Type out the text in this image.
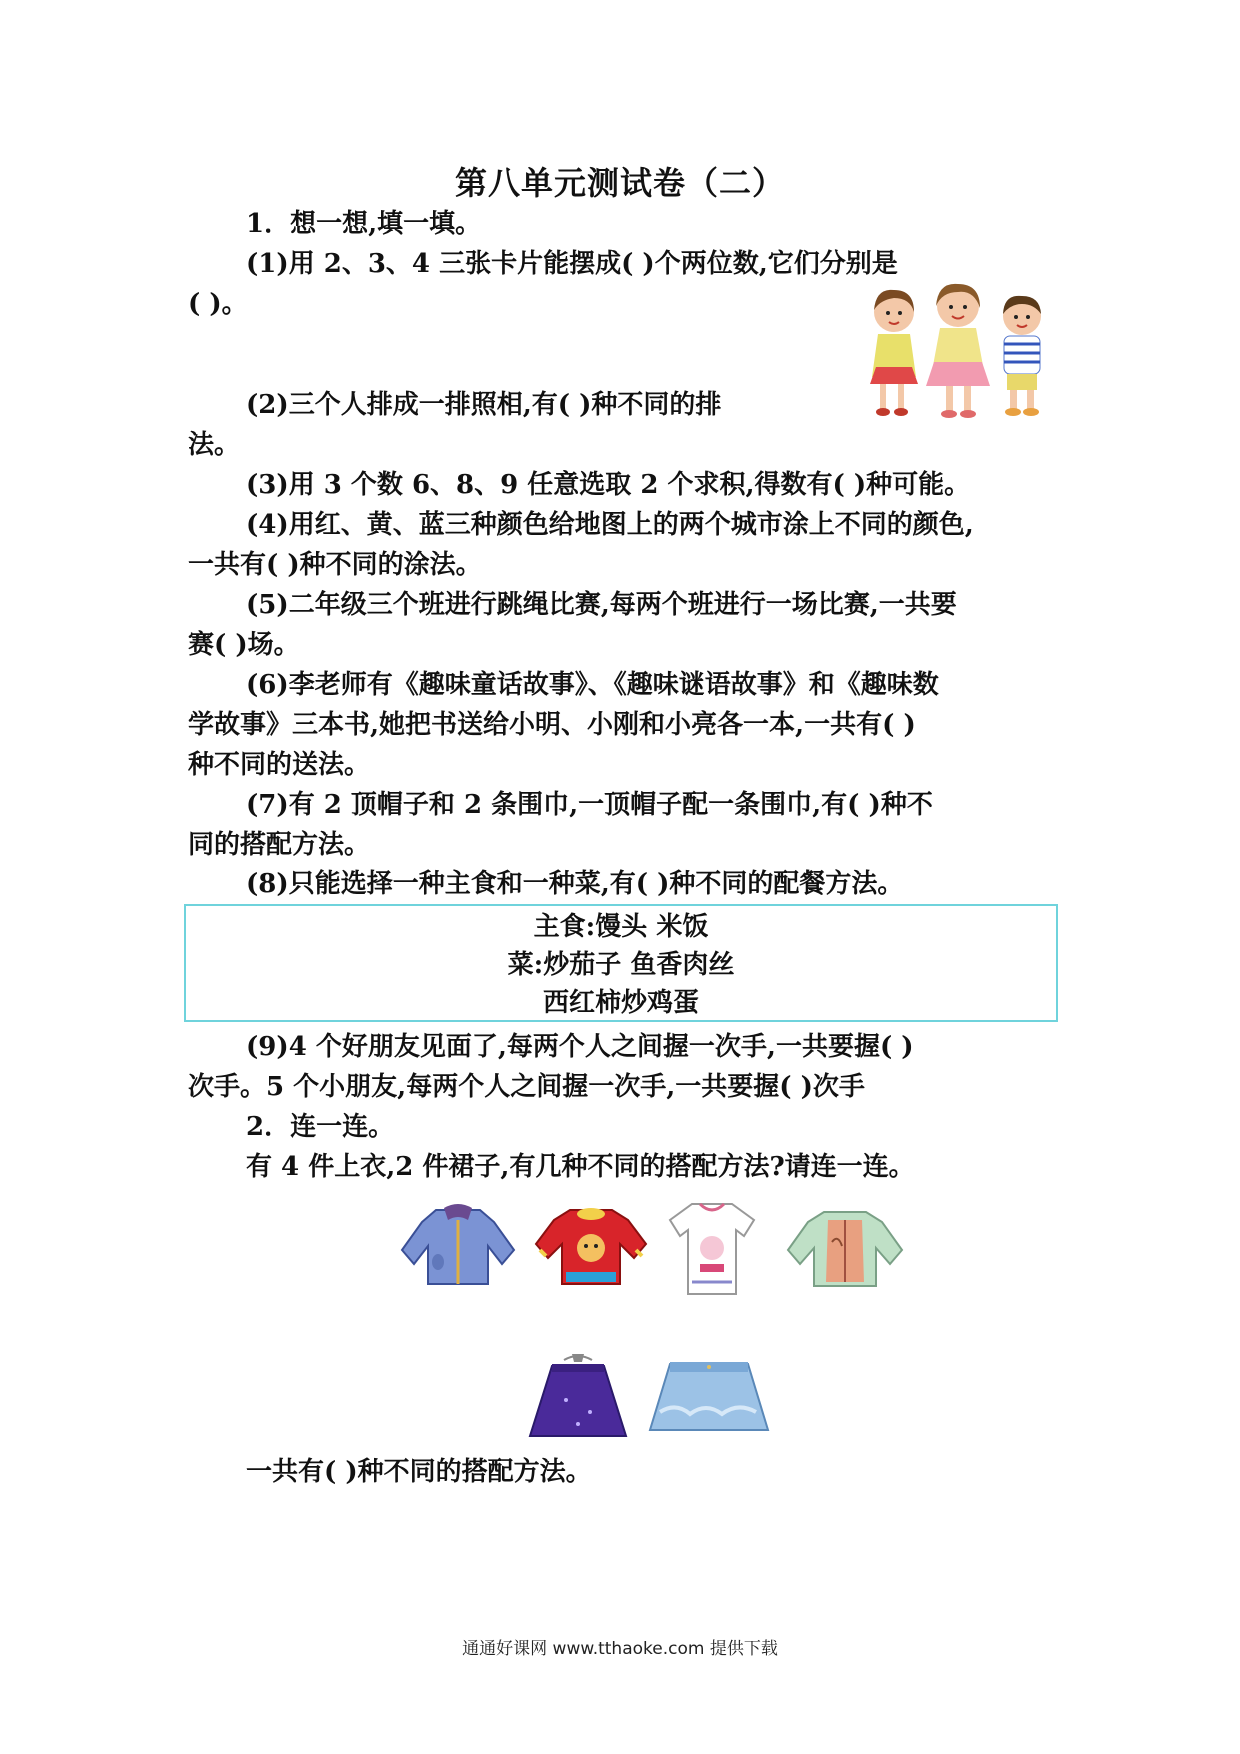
第八单元测试卷（二）
1．想一想,填一填。
(1)用 2、3、4 三张卡片能摆成( )个两位数,它们分别是
( )。
(2)三个人排成一排照相,有( )种不同的排
法。
(3)用 3 个数 6、8、9 任意选取 2 个求积,得数有( )种可能。
(4)用红、黄、蓝三种颜色给地图上的两个城市涂上不同的颜色,
一共有( )种不同的涂法。
(5)二年级三个班进行跳绳比赛,每两个班进行一场比赛,一共要
赛( )场。
(6)李老师有《趣味童话故事》、《趣味谜语故事》和《趣味数
学故事》三本书,她把书送给小明、小刚和小亮各一本,一共有( )
种不同的送法。
(7)有 2 顶帽子和 2 条围巾,一顶帽子配一条围巾,有( )种不
同的搭配方法。
(8)只能选择一种主食和一种菜,有( )种不同的配餐方法。
主食:馒头 米饭
菜:炒茄子 鱼香肉丝
西红柿炒鸡蛋
(9)4 个好朋友见面了,每两个人之间握一次手,一共要握( )
次手。5 个小朋友,每两个人之间握一次手,一共要握( )次手
2．连一连。
有 4 件上衣,2 件裙子,有几种不同的搭配方法?请连一连。
一共有( )种不同的搭配方法。
通通好课网 www.tthaoke.com 提供下载
